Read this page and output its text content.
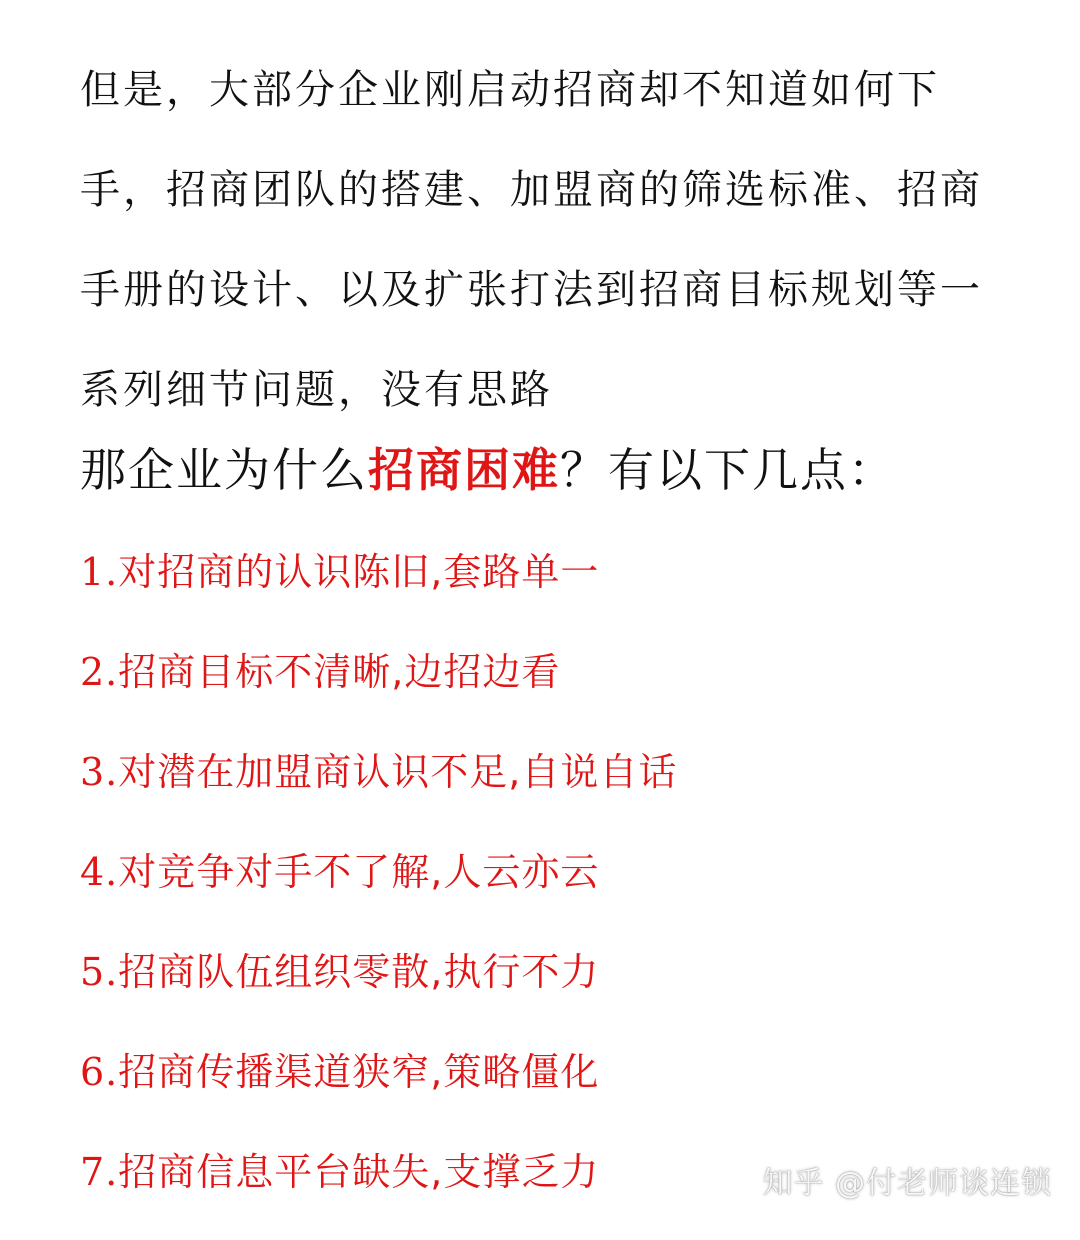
但是，大部分企业刚启动招商却不知道如何下手，招商团队的搭建、加盟商的筛选标准、招商手册的设计、以及扩张打法到招商目标规划等一系列细节问题，没有思路

那企业为什么招商困难？有以下几点：

1.对招商的认识陈旧,套路单一
2.招商目标不清晰,边招边看
3.对潜在加盟商认识不足,自说自话
4.对竞争对手不了解,人云亦云
5.招商队伍组织零散,执行不力
6.招商传播渠道狭窄,策略僵化
7.招商信息平台缺失,支撑乏力	知乎 @付老师谈连锁
